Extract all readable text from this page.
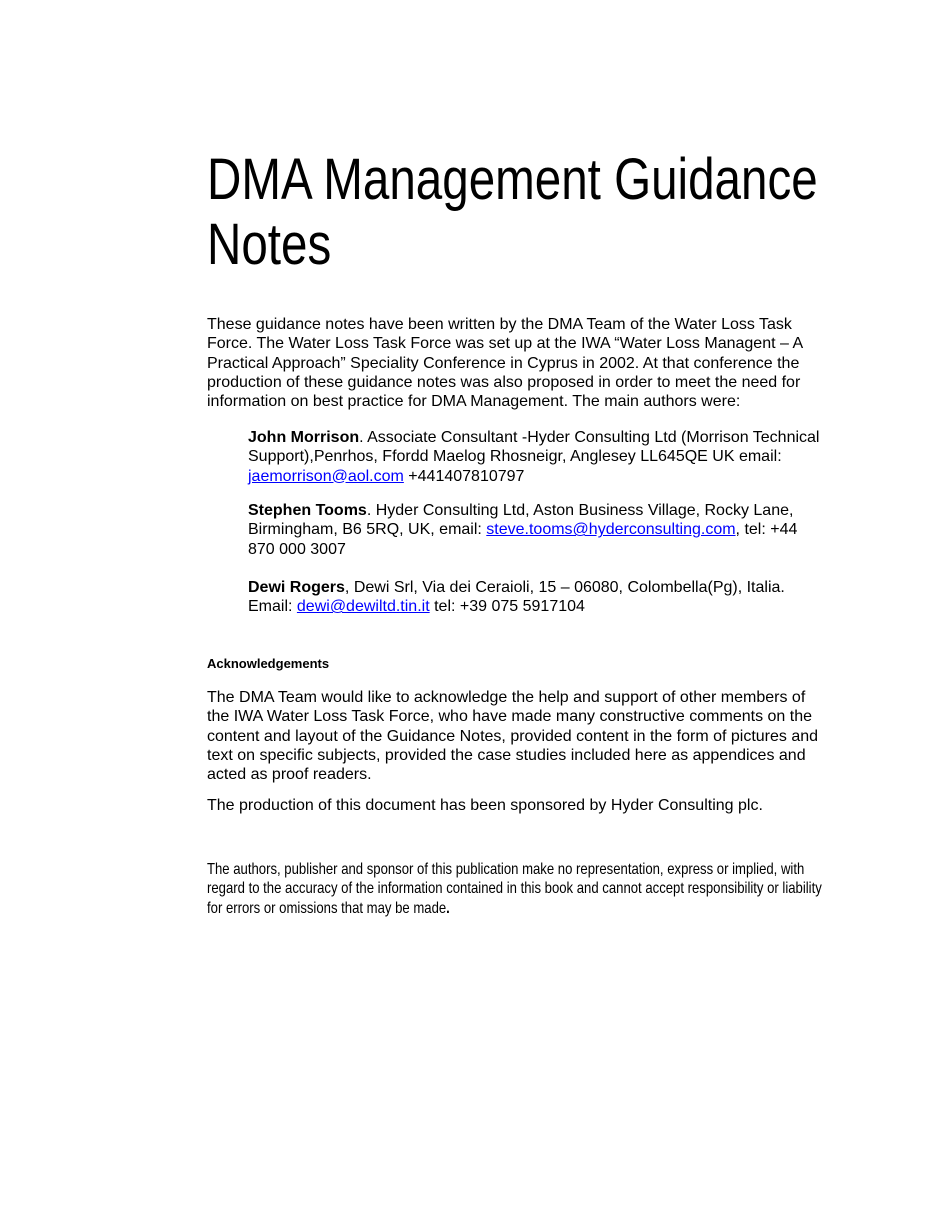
DMA Management Guidance Notes

These guidance notes have been written by the DMA Team of the Water Loss Task Force. The Water Loss Task Force was set up at the IWA “Water Loss Managent – A Practical Approach” Speciality Conference in Cyprus in 2002. At that conference the production of these guidance notes was also proposed in order to meet the need for information on best practice for DMA Management. The main authors were:

John Morrison. Associate Consultant -Hyder Consulting Ltd (Morrison Technical Support),Penrhos, Ffordd Maelog Rhosneigr, Anglesey LL645QE UK email: jaemorrison@aol.com +441407810797

Stephen Tooms. Hyder Consulting Ltd, Aston Business Village, Rocky Lane, Birmingham, B6 5RQ, UK, email: steve.tooms@hyderconsulting.com, tel: +44 870 000 3007

Dewi Rogers, Dewi Srl, Via dei Ceraioli, 15 – 06080, Colombella(Pg), Italia. Email: dewi@dewiltd.tin.it tel: +39 075 5917104

Acknowledgements

The DMA Team would like to acknowledge the help and support of other members of the IWA Water Loss Task Force, who have made many constructive comments on the content and layout of the Guidance Notes, provided content in the form of pictures and text on specific subjects, provided the case studies included here as appendices and acted as proof readers.

The production of this document has been sponsored by Hyder Consulting plc.

The authors, publisher and sponsor of this publication make no representation, express or implied, with regard to the accuracy of the information contained in this book and cannot accept responsibility or liability for errors or omissions that may be made.
